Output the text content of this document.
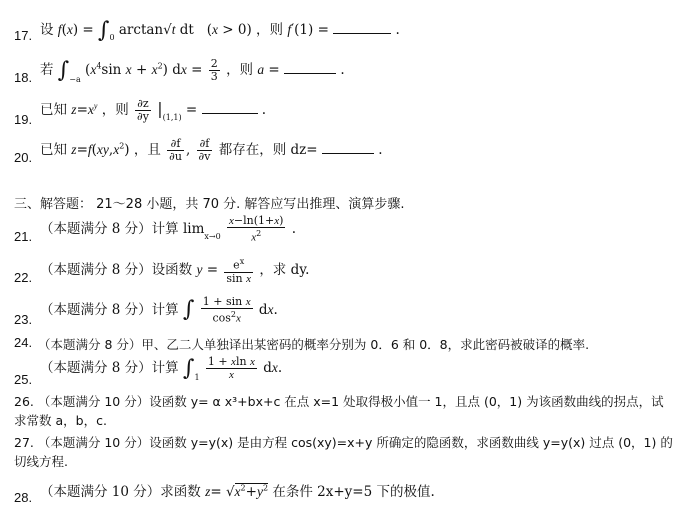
设 $f(x) = \int_0$ arctan√t dt   (x > 0) ，则 f′(1) =	.
17.
若 $\int_{-a}$ ($x^4\sin$ $x + x^2$) dx = $\frac{2}{3}$ ，则 a =	.
18.
已知 $z=x^y$ ，则 $\frac{\partial z}{\partial y} |_{(1,1)}$ =	.
19.
已知 $z=f(xy,x^2)$ ，且 $\frac{\partial f}{\partial u}$ , $\frac{\partial f}{\partial v}$ 都存在，则 dz=	.
20.
三、解答题： 21～28 小题，共 70 分. 解答应写出推理、演算步骤.
（本题满分 8 分）计算 $\lim_{x\to 0} \frac{x-\ln(1+x)}{x^2}$ .
21.
（本题满分 8 分）设函数 $y = \frac{e^x}{\text{sin x}}$ ，求 dy.
22.
（本题满分 8 分）计算 ∫ $\frac{\text{1 + sin x}}{\cos^2x}$ dx.
23.
24. （本题满分 8 分）甲、乙二人单独译出某密码的概率分别为 0．6 和 0．8，求此密码被破译的概率.
（本题满分 8 分）计算 $\int_1 \frac{\text{1 + xln x}}{x}$ dx.
25.
26. （本题满分 10 分）设函数 y= α x³+bx+c 在点 x=1 处取得极小值一 1，且点 (0，1) 为该函数曲线的拐点，试求常数 a，b，c.
27. （本题满分 10 分）设函数 y=y(x) 是由方程 cos(xy)=x+y 所确定的隐函数，求函数曲线 y=y(x) 过点 (0，1) 的切线方程.
（本题满分 10 分）求函数 $z= √x^2+y^2$ 在条件 2x+y=5 下的极值.
28.
